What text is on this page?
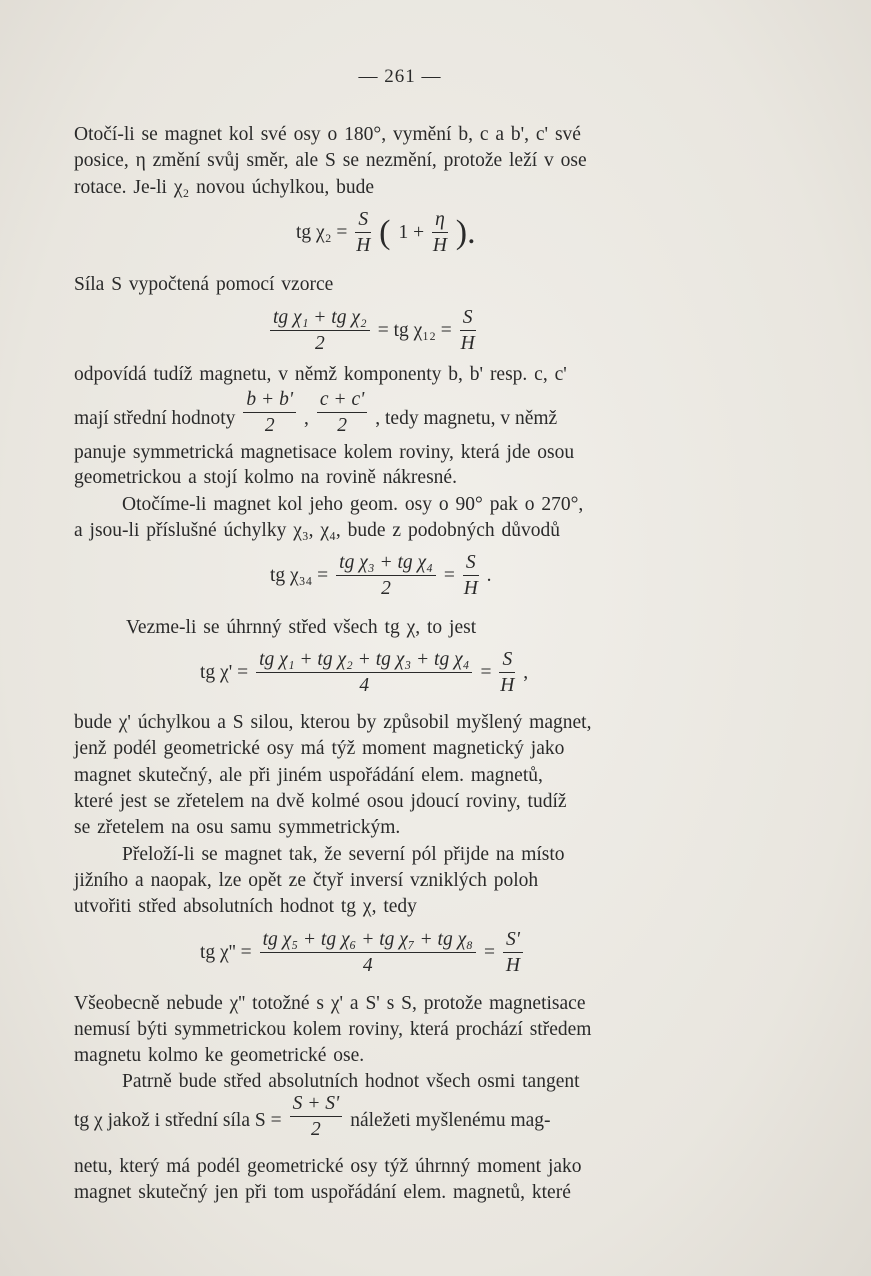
— 261 —
Otočí-li se magnet kol své osy o 180°, vymění b, c a b', c' své
posice, η změní svůj směr, ale S se nezmění, protože leží v ose
rotace. Je-li χ₂ novou úchylkou, bude
tg $\chi_2 = \frac{S}{H}$ ( $1 + \frac{\eta}{H}$ ).
Síla S vypočtená pomocí vzorce
$\frac{\text{tg χ₁ + tg χ₂}}{2}$ = tg $\chi_{12} = \frac{S}{H}$
odpovídá tudíž magnetu, v němž komponenty b, b' resp. c, c'
mají střední hodnoty $\frac{b + b'}{2}$ , $\frac{c + c'}{2}$ , tedy magnetu, v němž
panuje symmetrická magnetisace kolem roviny, která jde osou
geometrickou a stojí kolmo na rovině nákresné.
Otočíme-li magnet kol jeho geom. osy o 90° pak o 270°,
a jsou-li příslušné úchylky χ₃, χ₄, bude z podobných důvodů
tg $\chi_{34} = \frac{\text{tg χ₃ + tg χ₄}}{2} = \frac{S}{H}$ .
Vezme-li se úhrnný střed všech tg χ, to jest
tg $\chi' = \frac{\text{tg χ₁ + tg χ₂ + tg χ₃ + tg χ₄}}{4} = \frac{S}{H}$ ,
bude χ' úchylkou a S silou, kterou by způsobil myšlený magnet,
jenž podél geometrické osy má týž moment magnetický jako
magnet skutečný, ale při jiném uspořádání elem. magnetů,
které jest se zřetelem na dvě kolmé osou jdoucí roviny, tudíž
se zřetelem na osu samu symmetrickým.
Přeloží-li se magnet tak, že severní pól přijde na místo
jižního a naopak, lze opět ze čtyř inversí vzniklých poloh
utvořiti střed absolutních hodnot tg χ, tedy
tg $\chi'' = \frac{\text{tg χ₅ + tg χ₆ + tg χ₇ + tg χ₈}}{4} = \frac{S'}{H}$
Všeobecně nebude χ'' totožné s χ' a S' s S, protože magnetisace
nemusí býti symmetrickou kolem roviny, která prochází středem
magnetu kolmo ke geometrické ose.
Patrně bude střed absolutních hodnot všech osmi tangent
tg χ jakož i střední síla $S = \frac{S + S'}{2}$ náležeti myšlenému mag-
netu, který má podél geometrické osy týž úhrnný moment jako
magnet skutečný jen při tom uspořádání elem. magnetů, které
